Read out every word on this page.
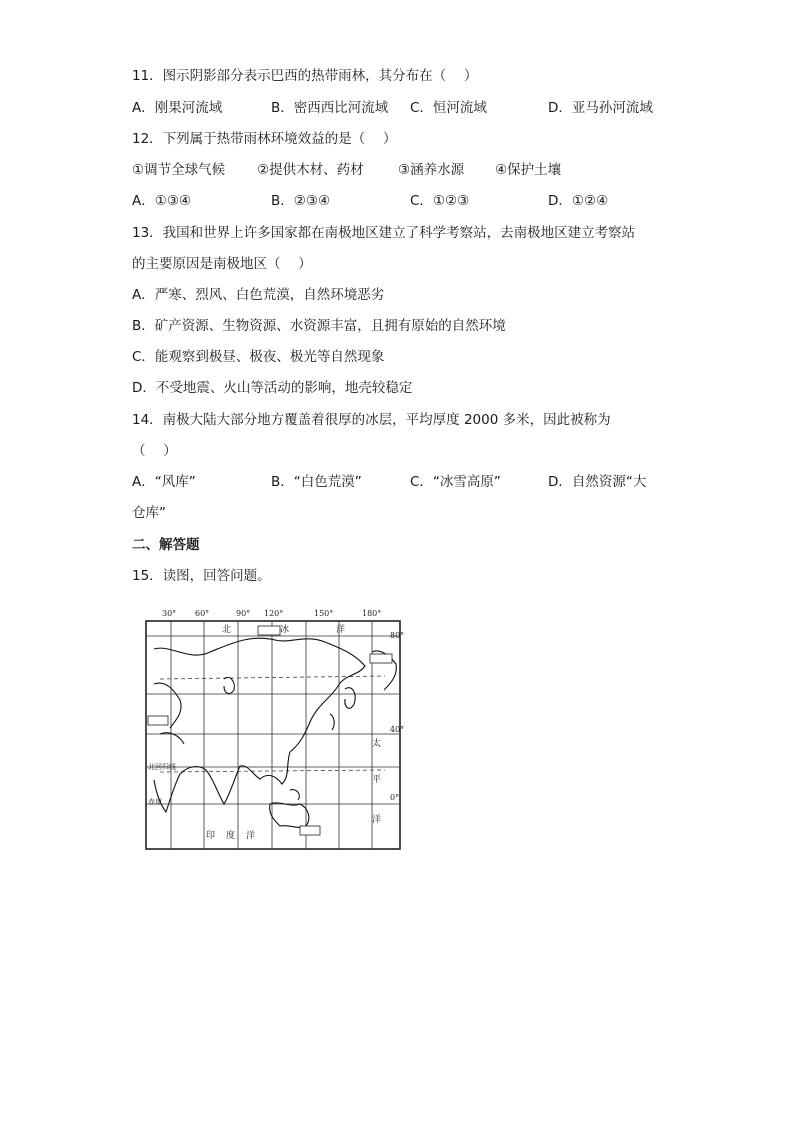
11．图示阴影部分表示巴西的热带雨林，其分布在（　 ）
A．刚果河流域	B．密西西比河流域 C．恒河流域	D．亚马孙河流域
12．下列属于热带雨林环境效益的是（　 ）
①调节全球气候 ②提供木材、药材	③涵养水源 ④保护土壤
A．①③④	B．②③④	C．①②③	D．①②④
13．我国和世界上许多国家都在南极地区建立了科学考察站，去南极地区建立考察站
的主要原因是南极地区（　 ）
A．严寒、烈风、白色荒漠，自然环境恶劣
B．矿产资源、生物资源、水资源丰富，且拥有原始的自然环境
C．能观察到极昼、极夜、极光等自然现象
D．不受地震、火山等活动的影响，地壳较稳定
14．南极大陆大部分地方覆盖着很厚的冰层，平均厚度 2000 多米，因此被称为
（　 ）
A．“风库”	B．“白色荒漠”	C．“冰雪高原”	D．自然资源“大
仓库”
二、解答题
15．读图，回答问题。
30° 60°	90° 120°	150°	180°
80°
40°
0°
北	冰	洋
太
平
洋
印 度 洋
北回归线
赤道
